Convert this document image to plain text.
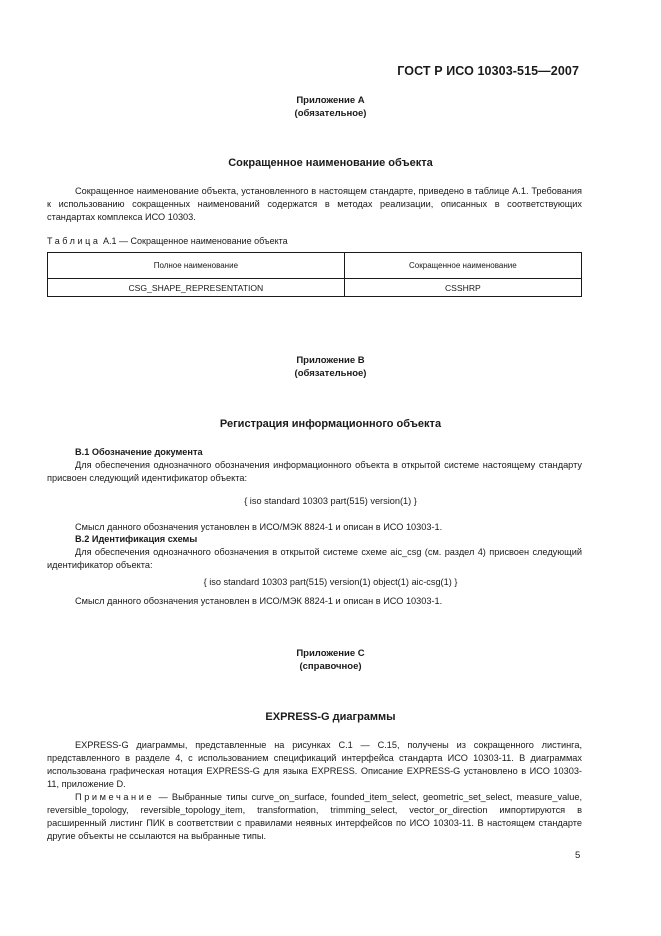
ГОСТ Р ИСО 10303-515—2007
Приложение А
(обязательное)
Сокращенное наименование объекта
Сокращенное наименование объекта, установленного в настоящем стандарте, приведено в таблице А.1. Требования к использованию сокращенных наименований содержатся в методах реализации, описанных в соответствующих стандартах комплекса ИСО 10303.
Таблица А.1 — Сокращенное наименование объекта
Полное наименование	Сокращенное наименование
CSG_SHAPE_REPRESENTATION	CSSHRP
Приложение В
(обязательное)
Регистрация информационного объекта
В.1 Обозначение документа
Для обеспечения однозначного обозначения информационного объекта в открытой системе настоящему стандарту присвоен следующий идентификатор объекта:
{ iso standard 10303 part(515) version(1) }
Смысл данного обозначения установлен в ИСО/МЭК 8824-1 и описан в ИСО 10303-1.
В.2 Идентификация схемы
Для обеспечения однозначного обозначения в открытой системе схеме aic_csg (см. раздел 4) присвоен следующий идентификатор объекта:
{ iso standard 10303 part(515) version(1) object(1) aic-csg(1) }
Смысл данного обозначения установлен в ИСО/МЭК 8824-1 и описан в ИСО 10303-1.
Приложение С
(справочное)
EXPRESS-G диаграммы
EXPRESS-G диаграммы, представленные на рисунках С.1 — С.15, получены из сокращенного листинга, представленного в разделе 4, с использованием спецификаций интерфейса стандарта ИСО 10303-11. В диаграммах использована графическая нотация EXPRESS-G для языка EXPRESS. Описание EXPRESS-G установлено в ИСО 10303-11, приложение D.
Примечание — Выбранные типы curve_on_surface, founded_item_select, geometric_set_select, measure_value, reversible_topology, reversible_topology_item, transformation, trimming_select, vector_or_direction импортируются в расширенный листинг ПИК в соответствии с правилами неявных интерфейсов по ИСО 10303-11. В настоящем стандарте другие объекты не ссылаются на выбранные типы.
5
